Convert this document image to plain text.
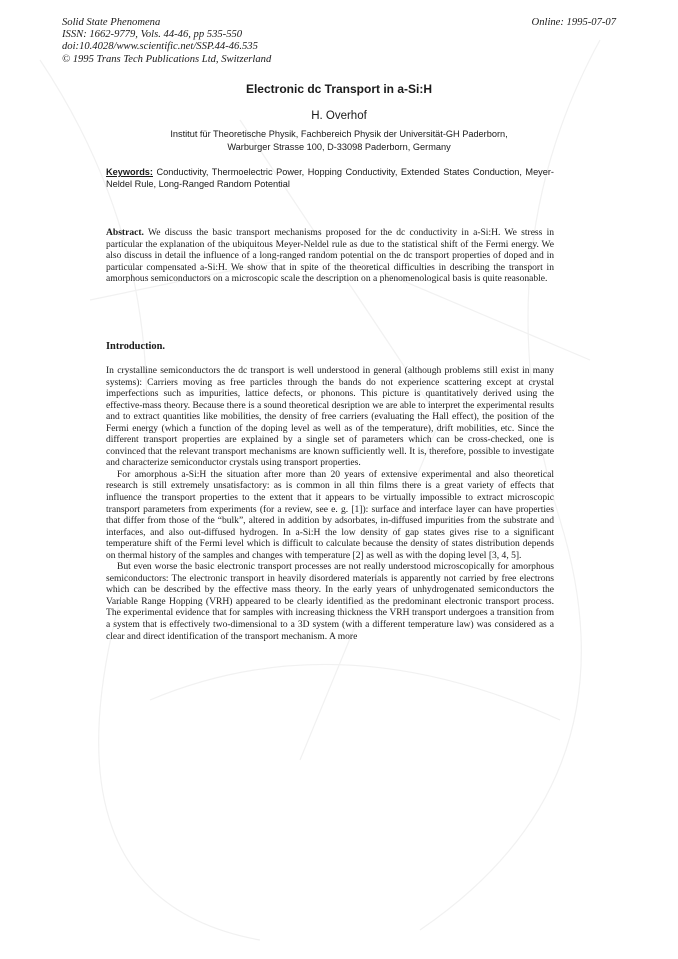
Solid State Phenomena
ISSN: 1662-9779, Vols. 44-46, pp 535-550
doi:10.4028/www.scientific.net/SSP.44-46.535
© 1995 Trans Tech Publications Ltd, Switzerland
Online: 1995-07-07
Electronic dc Transport in a-Si:H
H. Overhof
Institut für Theoretische Physik, Fachbereich Physik der Universität-GH Paderborn,
Warburger Strasse 100, D-33098 Paderborn, Germany
Keywords: Conductivity, Thermoelectric Power, Hopping Conductivity, Extended States Conduction, Meyer-Neldel Rule, Long-Ranged Random Potential
Abstract. We discuss the basic transport mechanisms proposed for the dc conductivity in a-Si:H. We stress in particular the explanation of the ubiquitous Meyer-Neldel rule as due to the statistical shift of the Fermi energy. We also discuss in detail the influence of a long-ranged random potential on the dc transport properties of doped and in particular compensated a-Si:H. We show that in spite of the theoretical difficulties in describing the transport in amorphous semiconductors on a microscopic scale the description on a phenomenological basis is quite reasonable.
Introduction.

In crystalline semiconductors the dc transport is well understood in general (although problems still exist in many systems): Carriers moving as free particles through the bands do not experience scattering except at crystal imperfections such as impurities, lattice defects, or phonons. This picture is quantitatively derived using the effective-mass theory. Because there is a sound theoretical desription we are able to interpret the experimental results and to extract quantities like mobilities, the density of free carriers (evaluating the Hall effect), the position of the Fermi energy (which a function of the doping level as well as of the temperature), drift mobilities, etc. Since the different transport properties are explained by a single set of parameters which can be cross-checked, one is convinced that the relevant transport mechanisms are known sufficiently well. It is, therefore, possible to investigate and characterize semiconductor crystals using transport properties.

For amorphous a-Si:H the situation after more than 20 years of extensive experimental and also theoretical research is still extremely unsatisfactory: as is common in all thin films there is a great variety of effects that influence the transport properties to the extent that it appears to be virtually impossible to extract microscopic transport parameters from experiments (for a review, see e. g. [1]): surface and interface layer can have properties that differ from those of the “bulk”, altered in addition by adsorbates, in-diffused impurities from the substrate and interfaces, and also out-diffused hydrogen. In a-Si:H the low density of gap states gives rise to a significant temperature shift of the Fermi level which is difficult to calculate because the density of states distribution depends on thermal history of the samples and changes with temperature [2] as well as with the doping level [3, 4, 5].

But even worse the basic electronic transport processes are not really understood microscopically for amorphous semiconductors: The electronic transport in heavily disordered materials is apparently not carried by free electrons which can be described by the effective mass theory. In the early years of unhydrogenated semiconductors the Variable Range Hopping (VRH) appeared to be clearly identified as the predominant electronic transport process. The experimental evidence that for samples with increasing thickness the VRH transport undergoes a transition from a system that is effectively two-dimensional to a 3D system (with a different temperature law) was considered as a clear and direct identification of the transport mechanism. A more
